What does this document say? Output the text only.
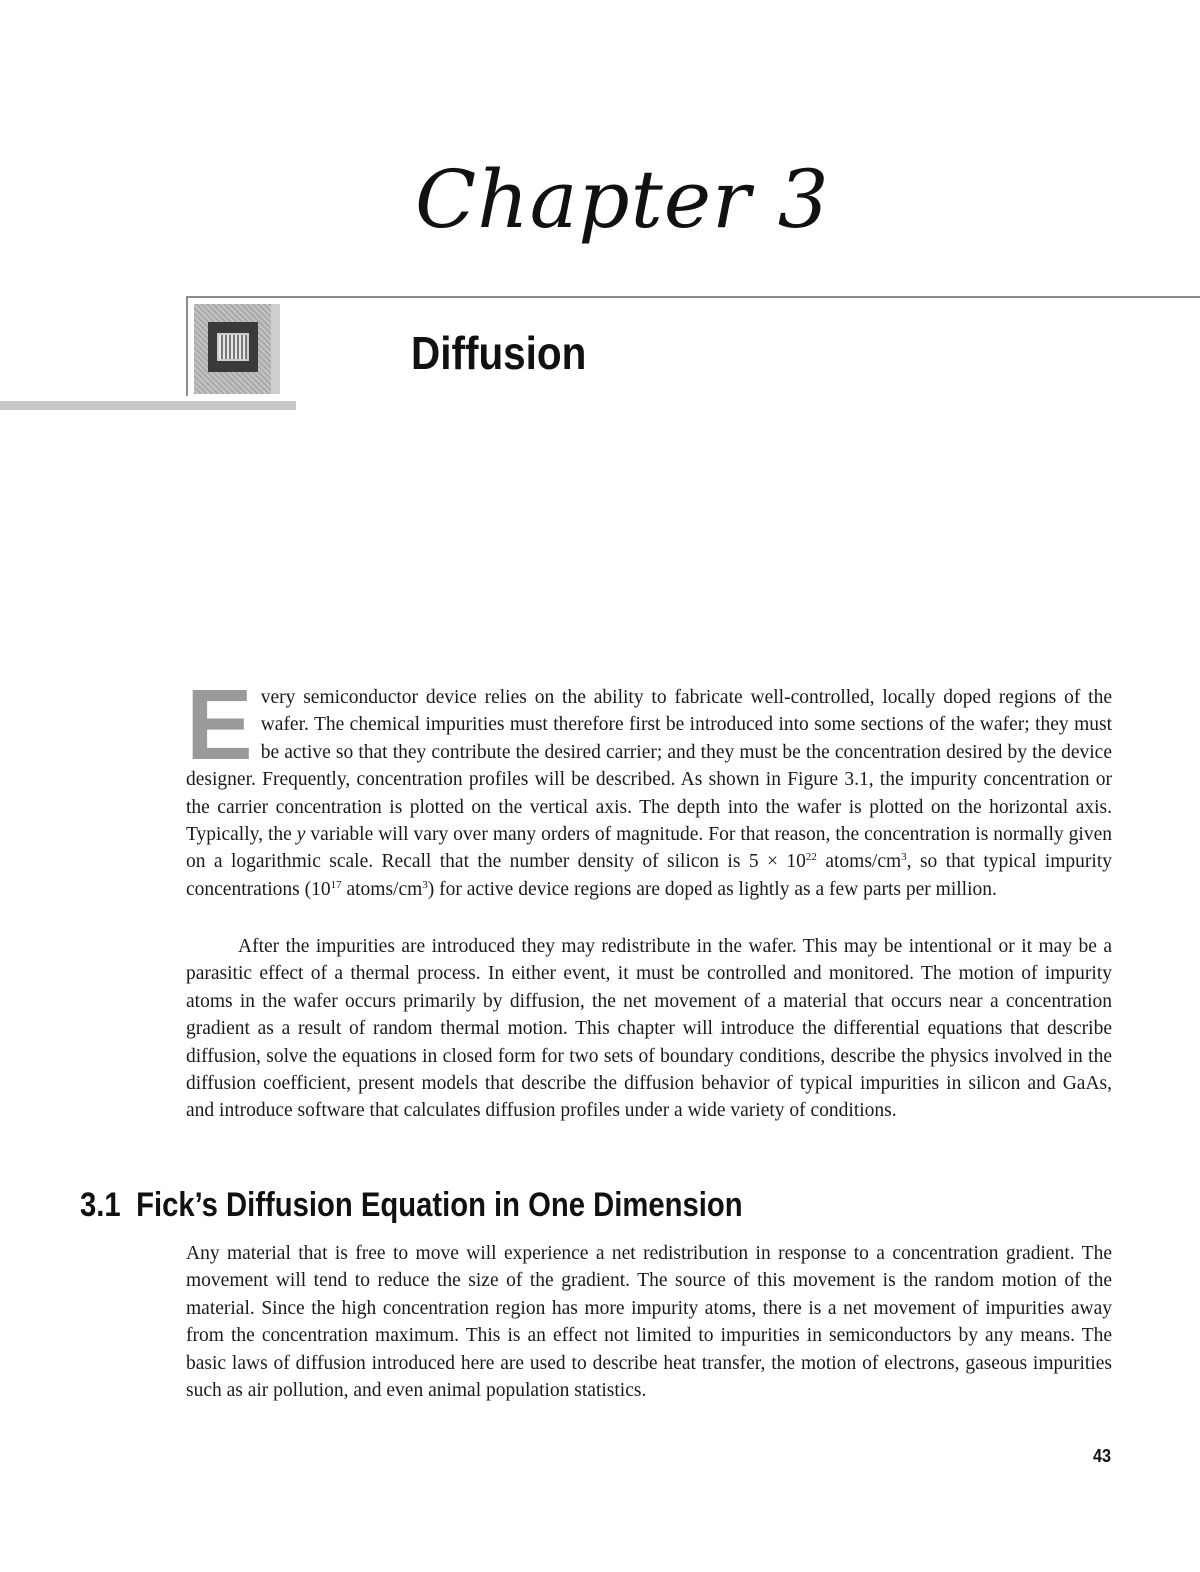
Chapter 3
Diffusion

Every semiconductor device relies on the ability to fabricate well-controlled, locally doped regions of the wafer. The chemical impurities must therefore first be introduced into some sections of the wafer; they must be active so that they contribute the desired carrier; and they must be the concentration desired by the device designer. Frequently, concentration profiles will be described. As shown in Figure 3.1, the impurity concentration or the carrier concentration is plotted on the vertical axis. The depth into the wafer is plotted on the horizontal axis. Typically, the y variable will vary over many orders of magnitude. For that reason, the concentration is normally given on a logarithmic scale. Recall that the number density of silicon is $5 \times 10^{22}$ atoms/$cm^3$, so that typical impurity concentrations ($10^{17}$ atoms/$cm^3$) for active device regions are doped as lightly as a few parts per million.

After the impurities are introduced they may redistribute in the wafer. This may be intentional or it may be a parasitic effect of a thermal process. In either event, it must be controlled and monitored. The motion of impurity atoms in the wafer occurs primarily by diffusion, the net movement of a material that occurs near a concentration gradient as a result of random thermal motion. This chapter will introduce the differential equations that describe diffusion, solve the equations in closed form for two sets of boundary conditions, describe the physics involved in the diffusion coefficient, present models that describe the diffusion behavior of typical impurities in silicon and GaAs, and introduce software that calculates diffusion profiles under a wide variety of conditions.

3.1 Fick’s Diffusion Equation in One Dimension

Any material that is free to move will experience a net redistribution in response to a concentration gradient. The movement will tend to reduce the size of the gradient. The source of this movement is the random motion of the material. Since the high concentration region has more impurity atoms, there is a net movement of impurities away from the concentration maximum. This is an effect not limited to impurities in semiconductors by any means. The basic laws of diffusion introduced here are used to describe heat transfer, the motion of electrons, gaseous impurities such as air pollution, and even animal population statistics.

43
